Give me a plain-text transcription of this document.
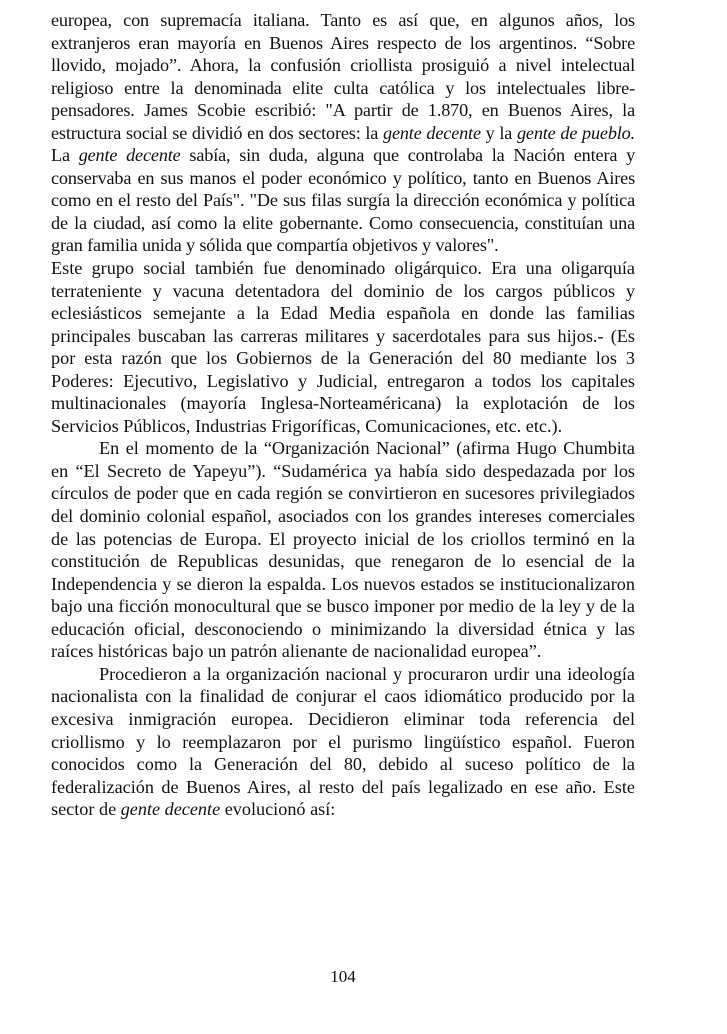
europea, con supremacía italiana. Tanto es así que, en algunos años, los extranjeros eran mayoría en Buenos Aires respecto de los argentinos. “Sobre llovido, mojado”. Ahora, la confusión criollista prosiguió a nivel intelectual religioso entre la denominada elite culta católica y los intelectuales libre-pensadores. James Scobie escribió: "A partir de 1.870, en Buenos Aires, la estructura social se dividió en dos sectores: la gente decente y la gente de pueblo. La gente decente sabía, sin duda, alguna que controlaba la Nación entera y conservaba en sus manos el poder económico y político, tanto en Buenos Aires como en el resto del País". "De sus filas surgía la dirección económica y política de la ciudad, así como la elite gobernante. Como consecuencia, constituían una gran familia unida y sólida que compartía objetivos y valores".

Este grupo social también fue denominado oligárquico. Era una oligarquía terrateniente y vacuna detentadora del dominio de los cargos públicos y eclesiásticos semejante a la Edad Media española en donde las familias principales buscaban las carreras militares y sacerdotales para sus hijos.- (Es por esta razón que los Gobiernos de la Generación del 80 mediante los 3 Poderes: Ejecutivo, Legislativo y Judicial, entregaron a todos los capitales multinacionales (mayoría Inglesa-Norteaméricana) la explotación de los Servicios Públicos, Industrias Frigoríficas, Comunicaciones, etc. etc.).

En el momento de la “Organización Nacional” (afirma Hugo Chumbita en “El Secreto de Yapeyu”). “Sudamérica ya había sido despedazada por los círculos de poder que en cada región se convirtieron en sucesores privilegiados del dominio colonial español, asociados con los grandes intereses comerciales de las potencias de Europa. El proyecto inicial de los criollos terminó en la constitución de Republicas desunidas, que renegaron de lo esencial de la Independencia y se dieron la espalda. Los nuevos estados se institucionalizaron bajo una ficción monocultural que se busco imponer por medio de la ley y de la educación oficial, desconociendo o minimizando la diversidad étnica y las raíces históricas bajo un patrón alienante de nacionalidad europea”.

Procedieron a la organización nacional y procuraron urdir una ideología nacionalista con la finalidad de conjurar el caos idiomático producido por la excesiva inmigración europea. Decidieron eliminar toda referencia del criollismo y lo reemplazaron por el purismo lingüístico español. Fueron conocidos como la Generación del 80, debido al suceso político de la federalización de Buenos Aires, al resto del país legalizado en ese año. Este sector de gente decente evolucionó así:

104
